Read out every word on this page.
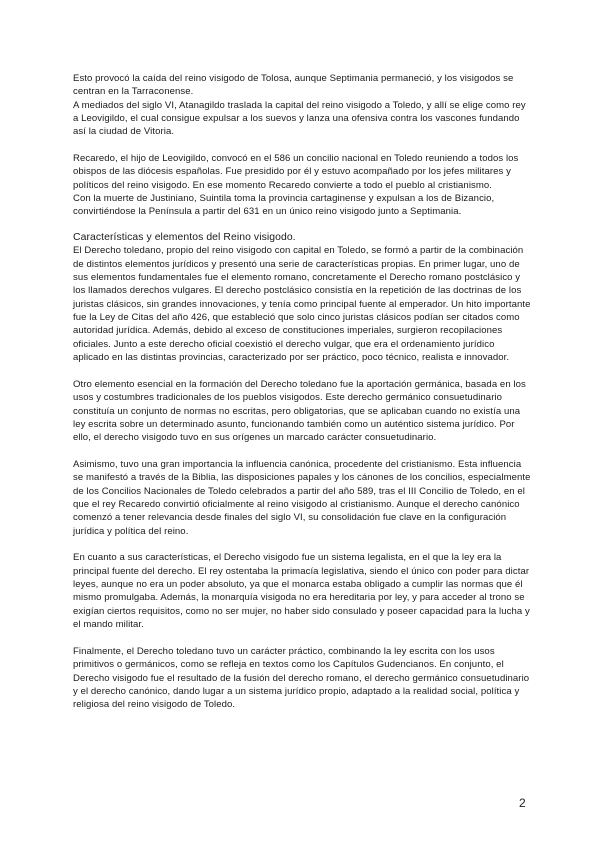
Esto provocó la caída del reino visigodo de Tolosa, aunque Septimania permaneció, y los visigodos se centran en la Tarraconense.

A mediados del siglo VI, Atanagildo traslada la capital del reino visigodo a Toledo, y allí se elige como rey a Leovigildo, el cual consigue expulsar a los suevos y lanza una ofensiva contra los vascones fundando así la ciudad de Vitoria.

Recaredo, el hijo de Leovigildo, convocó en el 586 un concilio nacional en Toledo reuniendo a todos los obispos de las diócesis españolas. Fue presidido por él y estuvo acompañado por los jefes militares y políticos del reino visigodo. En ese momento Recaredo convierte a todo el pueblo al cristianismo.

Con la muerte de Justiniano, Suintila toma la provincia cartaginense y expulsan a los de Bizancio, convirtiéndose la Península a partir del 631 en un único reino visigodo junto a Septimania.

Características y elementos del Reino visigodo.

El Derecho toledano, propio del reino visigodo con capital en Toledo, se formó a partir de la combinación de distintos elementos jurídicos y presentó una serie de características propias. En primer lugar, uno de sus elementos fundamentales fue el elemento romano, concretamente el Derecho romano postclásico y los llamados derechos vulgares. El derecho postclásico consistía en la repetición de las doctrinas de los juristas clásicos, sin grandes innovaciones, y tenía como principal fuente al emperador. Un hito importante fue la Ley de Citas del año 426, que estableció que solo cinco juristas clásicos podían ser citados como autoridad jurídica. Además, debido al exceso de constituciones imperiales, surgieron recopilaciones oficiales. Junto a este derecho oficial coexistió el derecho vulgar, que era el ordenamiento jurídico aplicado en las distintas provincias, caracterizado por ser práctico, poco técnico, realista e innovador.

Otro elemento esencial en la formación del Derecho toledano fue la aportación germánica, basada en los usos y costumbres tradicionales de los pueblos visigodos. Este derecho germánico consuetudinario constituía un conjunto de normas no escritas, pero obligatorias, que se aplicaban cuando no existía una ley escrita sobre un determinado asunto, funcionando también como un auténtico sistema jurídico. Por ello, el derecho visigodo tuvo en sus orígenes un marcado carácter consuetudinario.

Asimismo, tuvo una gran importancia la influencia canónica, procedente del cristianismo. Esta influencia se manifestó a través de la Biblia, las disposiciones papales y los cánones de los concilios, especialmente de los Concilios Nacionales de Toledo celebrados a partir del año 589, tras el III Concilio de Toledo, en el que el rey Recaredo convirtió oficialmente al reino visigodo al cristianismo. Aunque el derecho canónico comenzó a tener relevancia desde finales del siglo VI, su consolidación fue clave en la configuración jurídica y política del reino.

En cuanto a sus características, el Derecho visigodo fue un sistema legalista, en el que la ley era la principal fuente del derecho. El rey ostentaba la primacía legislativa, siendo el único con poder para dictar leyes, aunque no era un poder absoluto, ya que el monarca estaba obligado a cumplir las normas que él mismo promulgaba. Además, la monarquía visigoda no era hereditaria por ley, y para acceder al trono se exigían ciertos requisitos, como no ser mujer, no haber sido consulado y poseer capacidad para la lucha y el mando militar.

Finalmente, el Derecho toledano tuvo un carácter práctico, combinando la ley escrita con los usos primitivos o germánicos, como se refleja en textos como los Capítulos Gudencianos. En conjunto, el Derecho visigodo fue el resultado de la fusión del derecho romano, el derecho germánico consuetudinario y el derecho canónico, dando lugar a un sistema jurídico propio, adaptado a la realidad social, política y religiosa del reino visigodo de Toledo.

2
